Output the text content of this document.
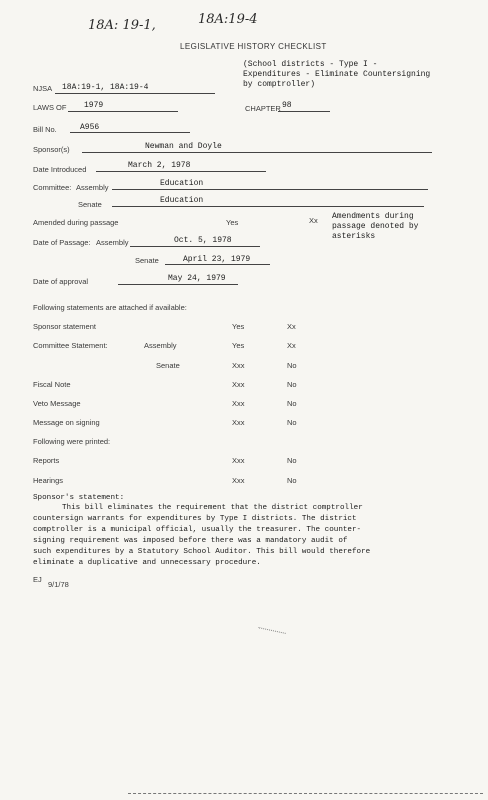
18A: 19-1,	18A:19-4
LEGISLATIVE HISTORY CHECKLIST
(School districts - Type I -
Expenditures - Eliminate Countersigning
by comptroller)
NJSA 18A:19-1, 18A:19-4
LAWS OF 1979	CHAPTER 98
Bill No.	A956
Sponsor(s)	Newman and Doyle
Date Introduced	March 2, 1978
Committee: Assembly	Education
Senate	Education
Amended during passage	Yes	Xx Amendments during
passage denoted by
asterisks
Date of Passage: Assembly	Oct. 5, 1978
Senate	April 23, 1979
Date of approval	May 24, 1979
Following statements are attached if available:
Sponsor statement	Yes	Xx
Committee Statement:	Assembly	Yes	Xx
Senate	Xxx	No
Fiscal Note	Xxx	No
Veto Message	Xxx	No
Message on signing	Xxx	No
Following were printed:
Reports	Xxx	No
Hearings	Xxx	No
Sponsor's statement:
This bill eliminates the requirement that the district comptroller
countersign warrants for expenditures by Type I districts. The district
comptroller is a municipal official, usually the treasurer. The counter-
signing requirement was imposed before there was a mandatory audit of
such expenditures by a Statutory School Auditor. This bill would therefore
eliminate a duplicative and unnecessary procedure.
EJ
9/1/78
